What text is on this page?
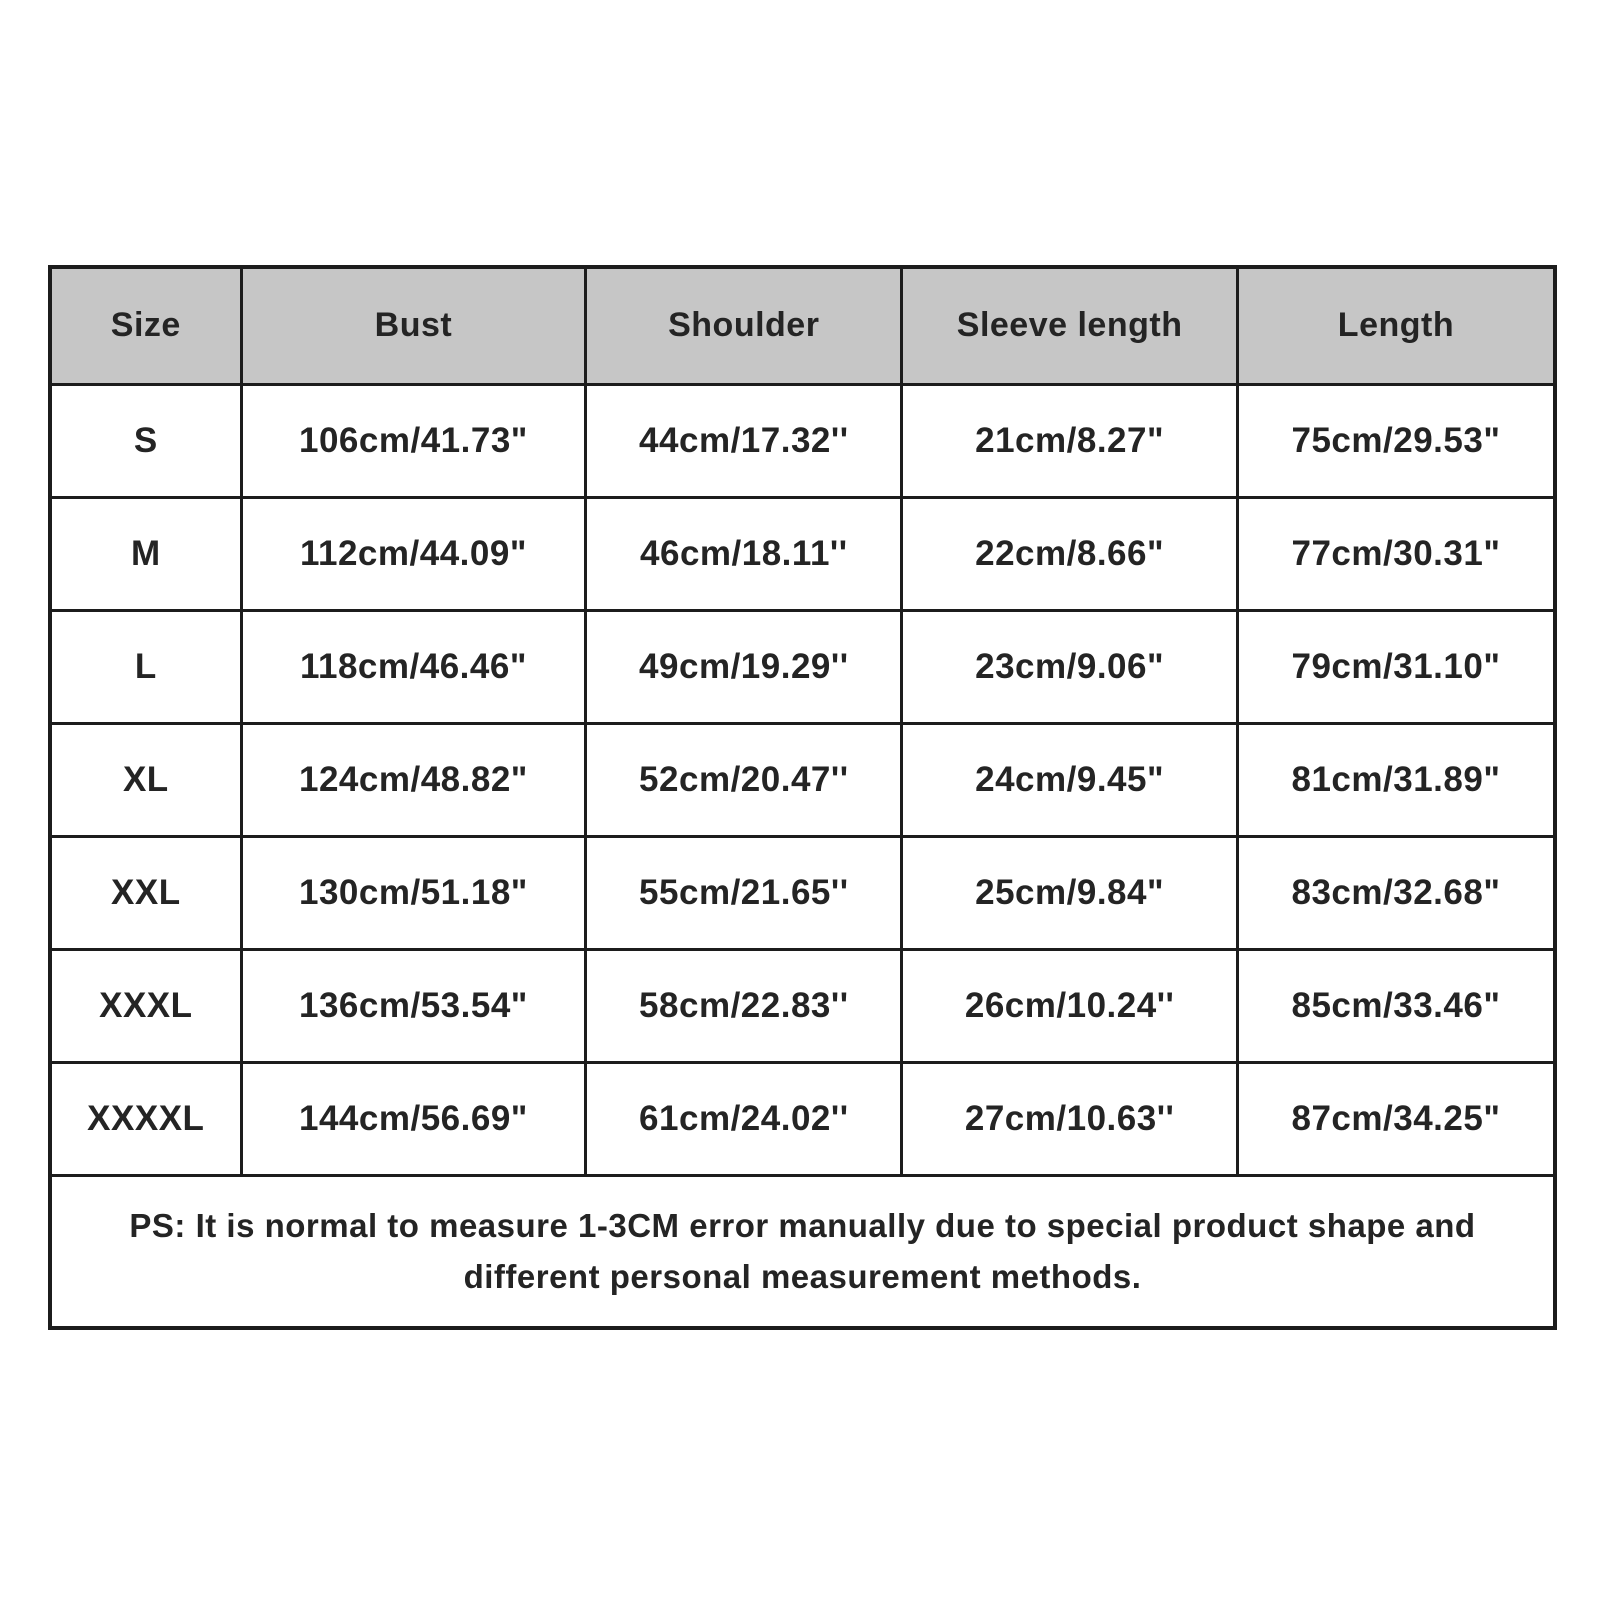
Size	Bust	Shoulder	Sleeve length	Length
S	106cm/41.73"	44cm/17.32''	21cm/8.27"	75cm/29.53"
M	112cm/44.09"	46cm/18.11''	22cm/8.66"	77cm/30.31"
L	118cm/46.46"	49cm/19.29''	23cm/9.06"	79cm/31.10"
XL	124cm/48.82"	52cm/20.47''	24cm/9.45"	81cm/31.89"
XXL	130cm/51.18"	55cm/21.65''	25cm/9.84"	83cm/32.68"
XXXL	136cm/53.54"	58cm/22.83''	26cm/10.24''	85cm/33.46"
XXXXL	144cm/56.69"	61cm/24.02''	27cm/10.63''	87cm/34.25"

PS: It is normal to measure 1-3CM error manually due to special product shape and
different personal measurement methods.				
